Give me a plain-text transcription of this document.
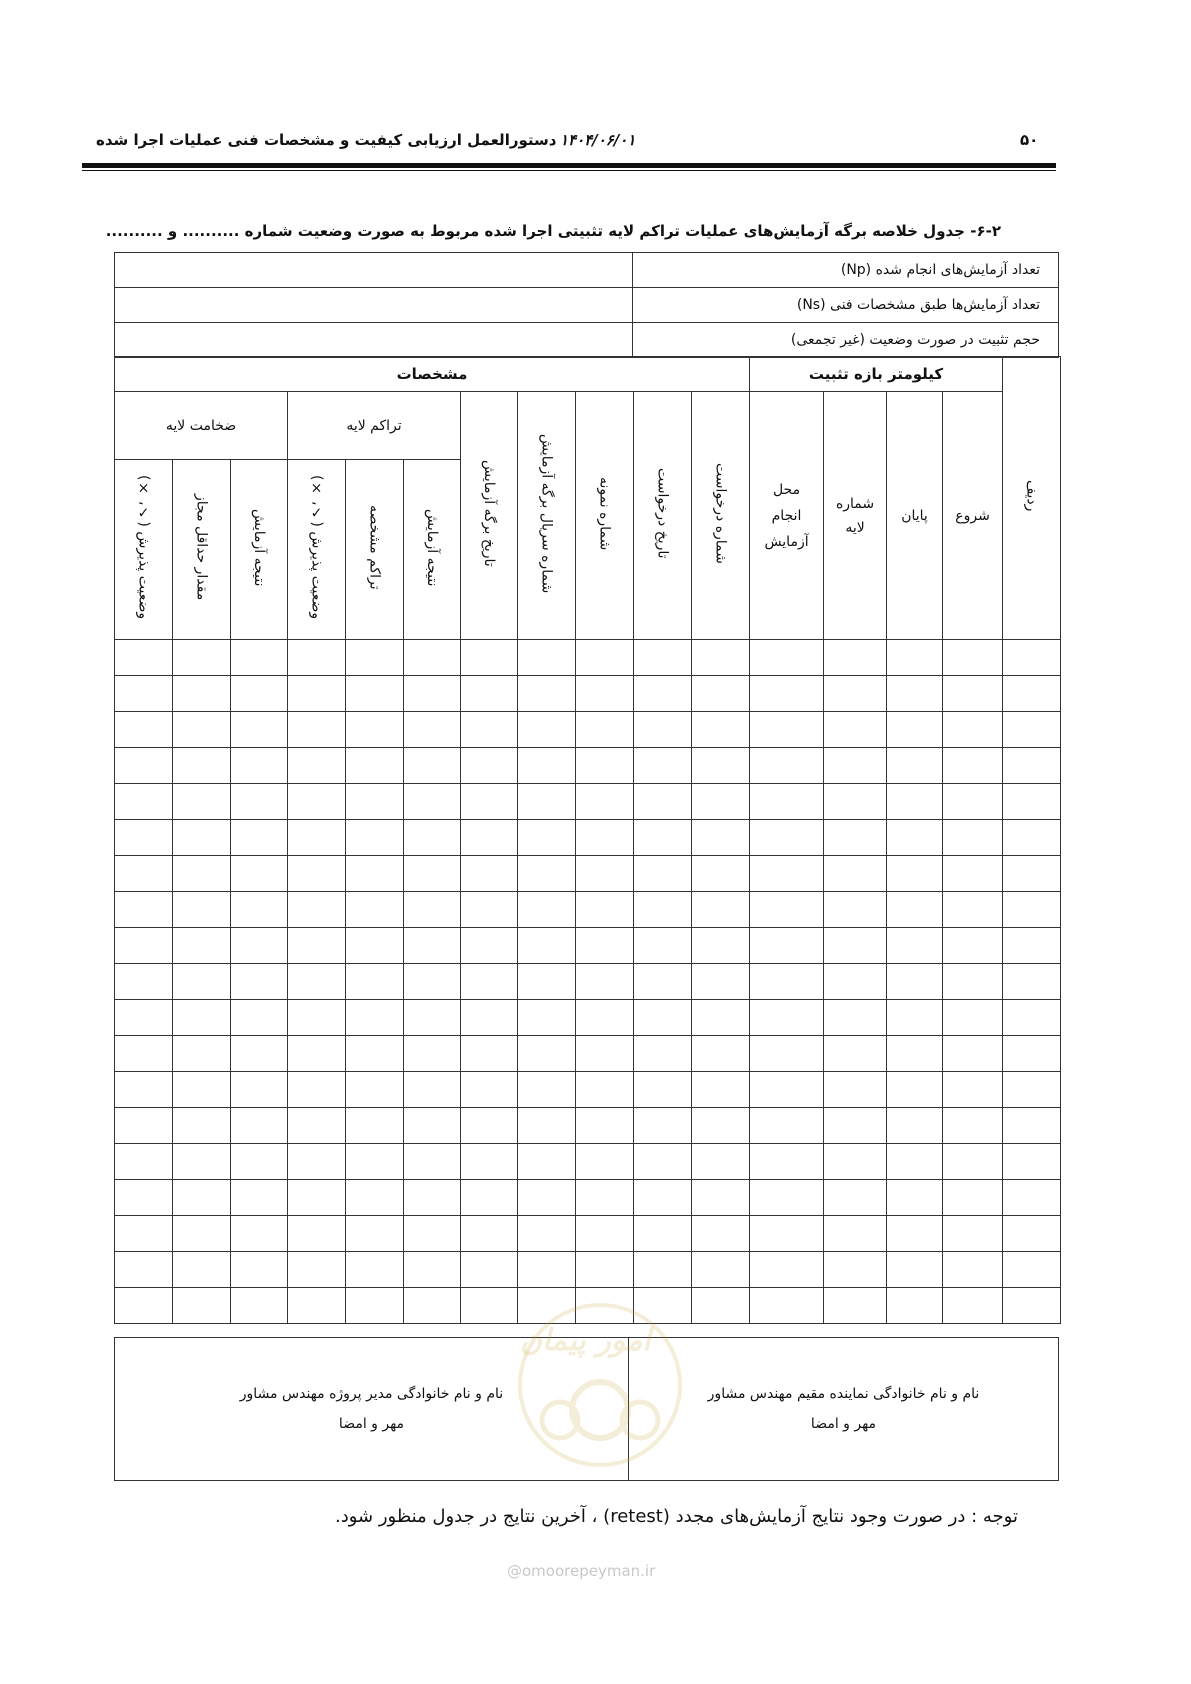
۵۰
۱۴۰۴/۰۶/۰۱
دستورالعمل ارزیابی کیفیت و مشخصات فنی عملیات اجرا شده
۶-۲- جدول خلاصه برگه آزمایش‌های عملیات تراکم لایه تثبیتی اجرا شده مربوط به صورت وضعیت شماره .......... و ..........
تعداد آزمایش‌های انجام شده (Np)	
تعداد آزمایش‌ها طبق مشخصات فنی (Ns)	
حجم تثبیت در صورت وضعیت (غیر تجمعی)	
ردیف	کیلومتر بازه تثبیت				مشخصات										
	شروع	پایان	شماره لایه	محل انجام آزمایش	شماره درخواست	تاریخ درخواست	شماره نمونه	شماره سریال برگه آزمایش	تاریخ برگه آزمایش	تراکم لایه			ضخامت لایه		
										نتیجه آزمایش	تراکم مشخصه	وضعیت پذیرش (✓، ×)	نتیجه آزمایش	مقدار حداقل مجاز	وضعیت پذیرش (✓، ×)

نام و نام خانوادگی نماینده مقیم مهندس مشاور
مهر و امضا

نام و نام خانوادگی مدیر پروژه مهندس مشاور
مهر و امضا
امور پیمان
توجه : در صورت وجود نتایج آزمایش‌های مجدد (retest) ، آخرین نتایج در جدول منظور شود.
@omoorepeyman.ir
